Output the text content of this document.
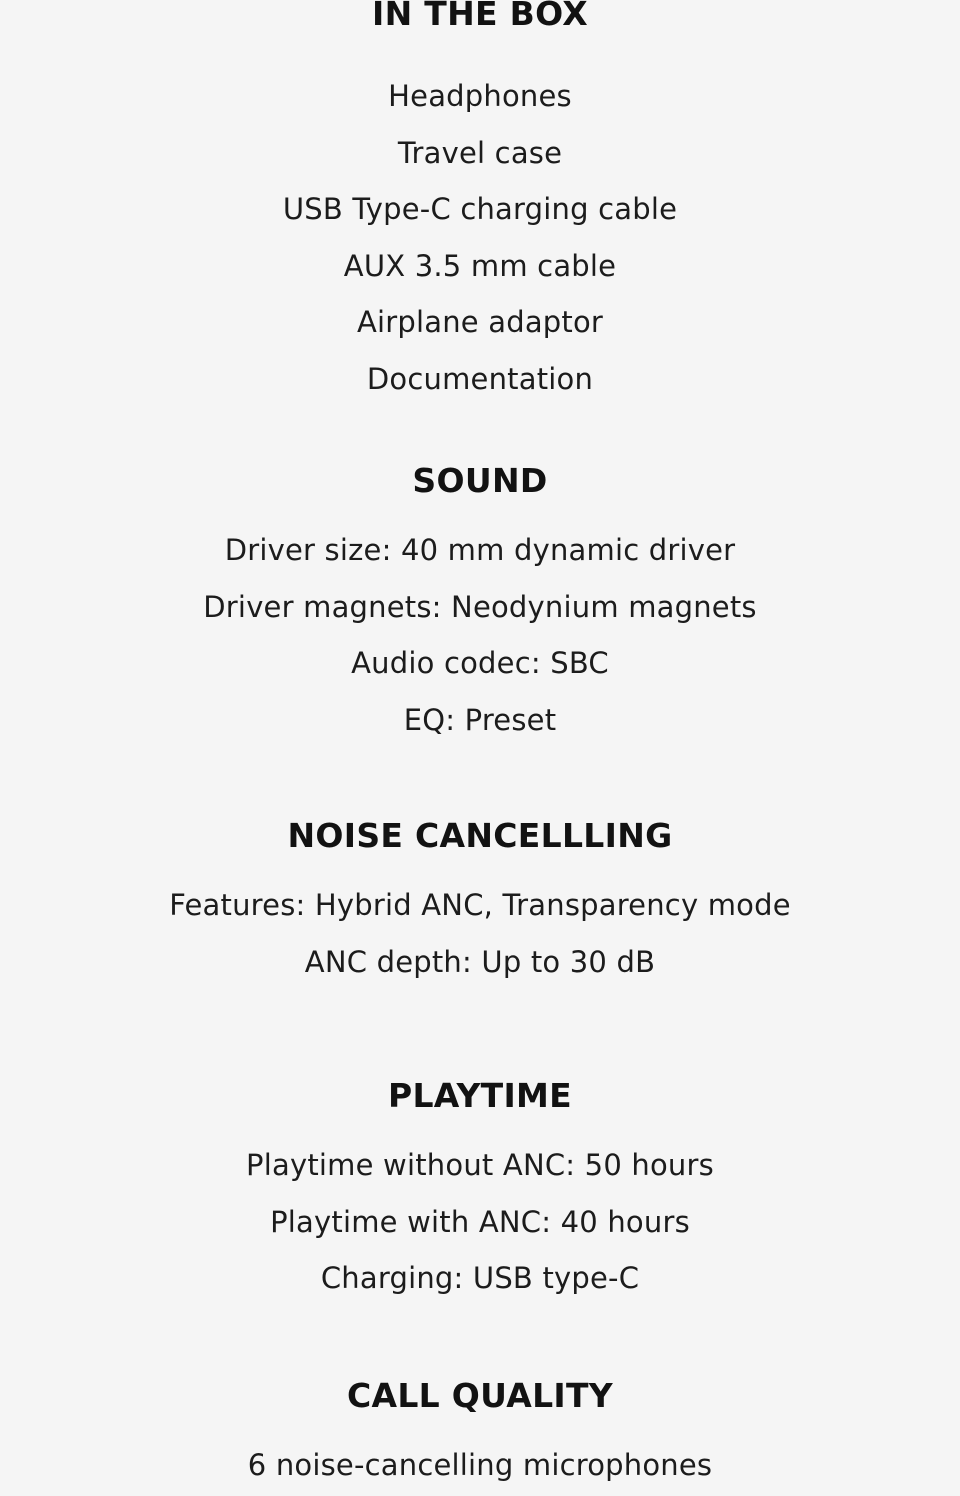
IN THE BOX
Headphones
Travel case
USB Type-C charging cable
AUX 3.5 mm cable
Airplane adaptor
Documentation
SOUND
Driver size: 40 mm dynamic driver
Driver magnets: Neodynium magnets
Audio codec: SBC
EQ: Preset
NOISE CANCELLLING
Features: Hybrid ANC, Transparency mode
ANC depth: Up to 30 dB
PLAYTIME
Playtime without ANC: 50 hours
Playtime with ANC: 40 hours
Charging: USB type-C
CALL QUALITY
6 noise-cancelling microphones
